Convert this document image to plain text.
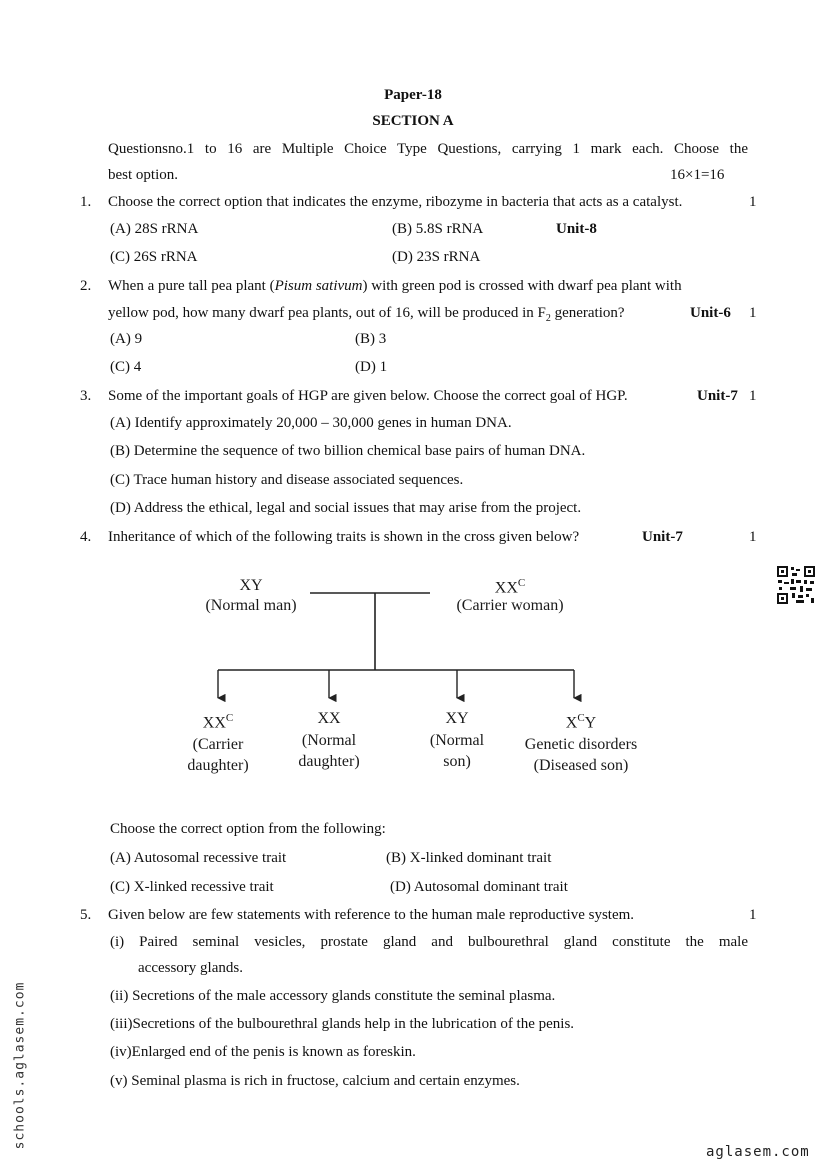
Paper-18
SECTION A
Questionsno.1 to 16 are Multiple Choice Type Questions, carrying 1 mark each. Choose the
best option.	16×1=16
1. Choose the correct option that indicates the enzyme, ribozyme in bacteria that acts as a catalyst.	1
(A) 28S rRNA	(B) 5.8S rRNA	Unit-8
(C) 26S rRNA	(D) 23S rRNA
2. When a pure tall pea plant (Pisum sativum) with green pod is crossed with dwarf pea plant with
yellow pod, how many dwarf pea plants, out of 16, will be produced in $F_2$ generation?	Unit-6 1
(A) 9	(B) 3
(C) 4	(D) 1
3. Some of the important goals of HGP are given below. Choose the correct goal of HGP.	Unit-7 1
(A) Identify approximately 20,000 – 30,000 genes in human DNA.
(B) Determine the sequence of two billion chemical base pairs of human DNA.
(C) Trace human history and disease associated sequences.
(D) Address the ethical, legal and social issues that may arise from the project.
4. Inheritance of which of the following traits is shown in the cross given below?	Unit-7	1
XY
(Normal man)
$XX^C$
(Carrier woman)
$XX^C$
(Carrier
daughter)
XX
(Normal
daughter)
XY
(Normal
son)
$X^CY$
Genetic disorders
(Diseased son)
Choose the correct option from the following:
(A) Autosomal recessive trait	(B) X-linked dominant trait
(C) X-linked recessive trait	(D) Autosomal dominant trait
5. Given below are few statements with reference to the human male reproductive system.	1
(i) Paired seminal vesicles, prostate gland and bulbourethral gland constitute the male
accessory glands.
(ii) Secretions of the male accessory glands constitute the seminal plasma.
(iii)Secretions of the bulbourethral glands help in the lubrication of the penis.
(iv)Enlarged end of the penis is known as foreskin.
(v) Seminal plasma is rich in fructose, calcium and certain enzymes.
schools.aglasem.com
aglasem.com
